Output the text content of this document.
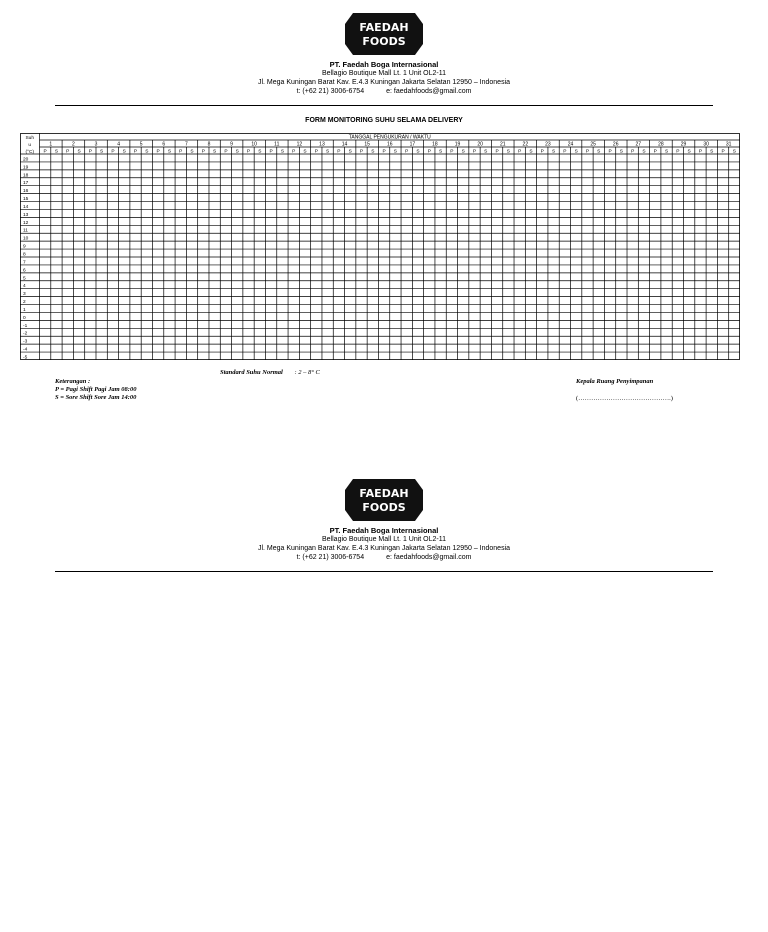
FAEDAH
FOODS
PT. Faedah Boga Internasional
Bellagio Boutique Mall Lt. 1 Unit OL2-11
Jl. Mega Kuningan Barat Kav. E.4.3 Kuningan Jakarta Selatan 12950 – Indonesia
t: (+62 21) 3006-6754	e: faedahfoods@gmail.com
FORM MONITORING SUHU SELAMA DELIVERY
TANGGAL PENGUKURAN / WAKTU
Suh
u
(°C)
1
P S
2
P S
3
P S
4
P S
5
P S
6
P S
7
P S
8
P S
9
P S
10
P S
11
P S
12
P S
13
P S
14
P S
15
P S
16
P S
17
P S
18
P S
19
P S
20
P S
21
P S
22
P S
23
P S
24
P S
25
P S
26
P S
27
P S
28
P S
29
P S
30
P S
31
P S
20
19
18
17
16
15
14
13
12
11
10
9
8
7
6
5
4
3
2
1
0
-1
-2
-3
-4
-5
Standard Suhu Normal : 2 – 8° C
Keterangan :
P = Pagi Shift Pagi Jam 08:00
S = Sore Shift Sore Jam 14:00
Kepala Ruang Penyimpanan
(…………………………………….)
FAEDAH
FOODS
PT. Faedah Boga Internasional
Bellagio Boutique Mall Lt. 1 Unit OL2-11
Jl. Mega Kuningan Barat Kav. E.4.3 Kuningan Jakarta Selatan 12950 – Indonesia
t: (+62 21) 3006-6754	e: faedahfoods@gmail.com
